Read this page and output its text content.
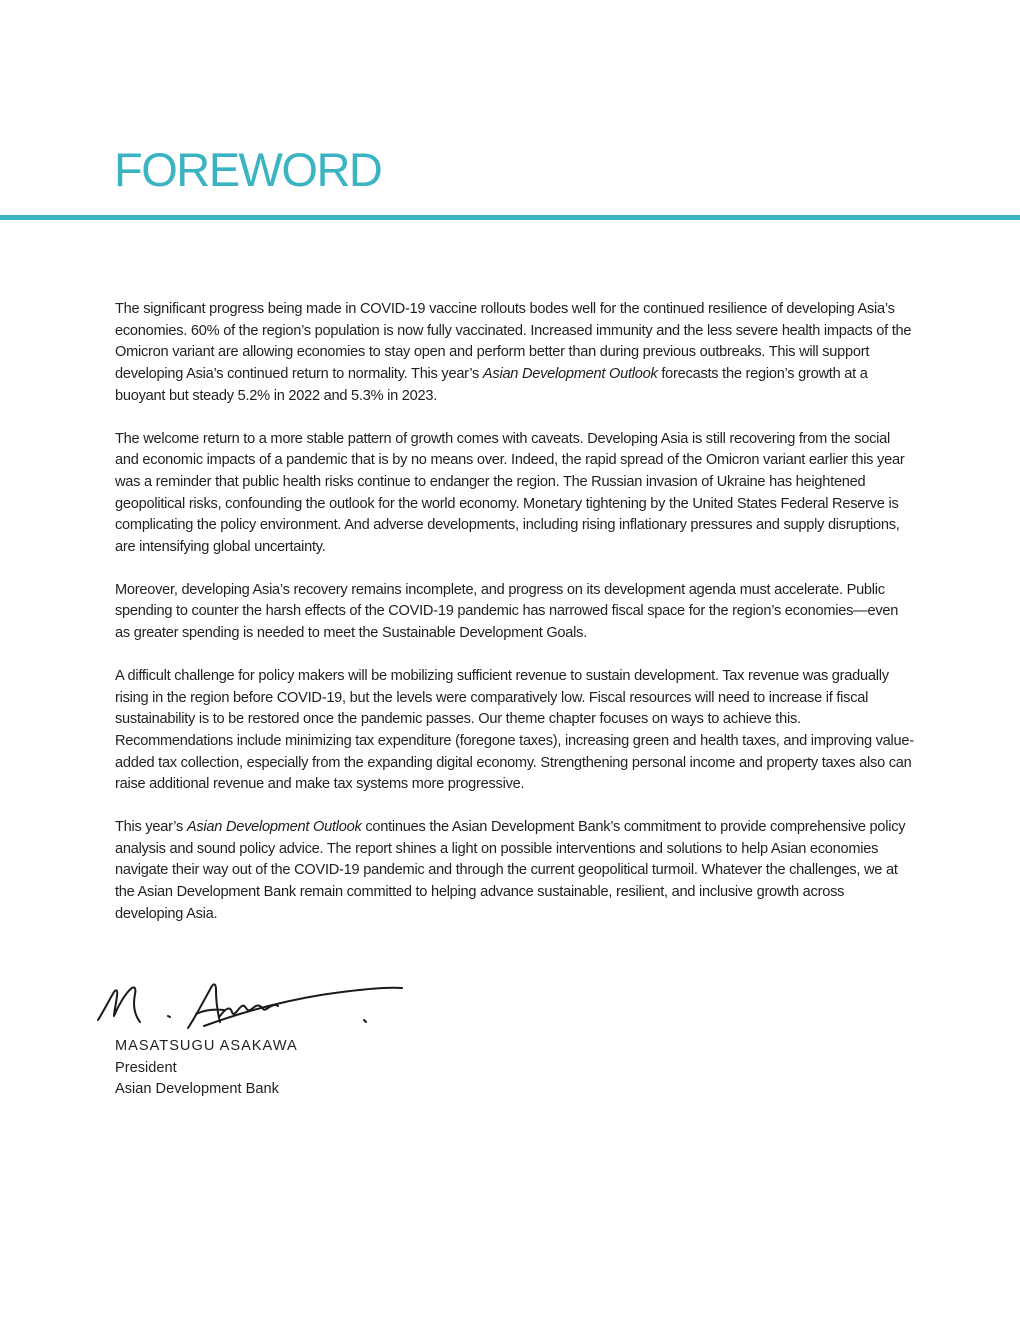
FOREWORD

The significant progress being made in COVID-19 vaccine rollouts bodes well for the continued resilience of developing Asia’s economies. 60% of the region’s population is now fully vaccinated. Increased immunity and the less severe health impacts of the Omicron variant are allowing economies to stay open and perform better than during previous outbreaks. This will support developing Asia’s continued return to normality. This year’s Asian Development Outlook forecasts the region’s growth at a buoyant but steady 5.2% in 2022 and 5.3% in 2023.

The welcome return to a more stable pattern of growth comes with caveats. Developing Asia is still recovering from the social and economic impacts of a pandemic that is by no means over. Indeed, the rapid spread of the Omicron variant earlier this year was a reminder that public health risks continue to endanger the region. The Russian invasion of Ukraine has heightened geopolitical risks, confounding the outlook for the world economy. Monetary tightening by the United States Federal Reserve is complicating the policy environment. And adverse developments, including rising inflationary pressures and supply disruptions, are intensifying global uncertainty.

Moreover, developing Asia’s recovery remains incomplete, and progress on its development agenda must accelerate. Public spending to counter the harsh effects of the COVID-19 pandemic has narrowed fiscal space for the region’s economies—even as greater spending is needed to meet the Sustainable Development Goals.

A difficult challenge for policy makers will be mobilizing sufficient revenue to sustain development. Tax revenue was gradually rising in the region before COVID-19, but the levels were comparatively low. Fiscal resources will need to increase if fiscal sustainability is to be restored once the pandemic passes. Our theme chapter focuses on ways to achieve this. Recommendations include minimizing tax expenditure (foregone taxes), increasing green and health taxes, and improving value-added tax collection, especially from the expanding digital economy. Strengthening personal income and property taxes also can raise additional revenue and make tax systems more progressive.

This year’s Asian Development Outlook continues the Asian Development Bank’s commitment to provide comprehensive policy analysis and sound policy advice. The report shines a light on possible interventions and solutions to help Asian economies navigate their way out of the COVID-19 pandemic and through the current geopolitical turmoil. Whatever the challenges, we at the Asian Development Bank remain committed to helping advance sustainable, resilient, and inclusive growth across developing Asia.

MASATSUGU ASAKAWA
President
Asian Development Bank
